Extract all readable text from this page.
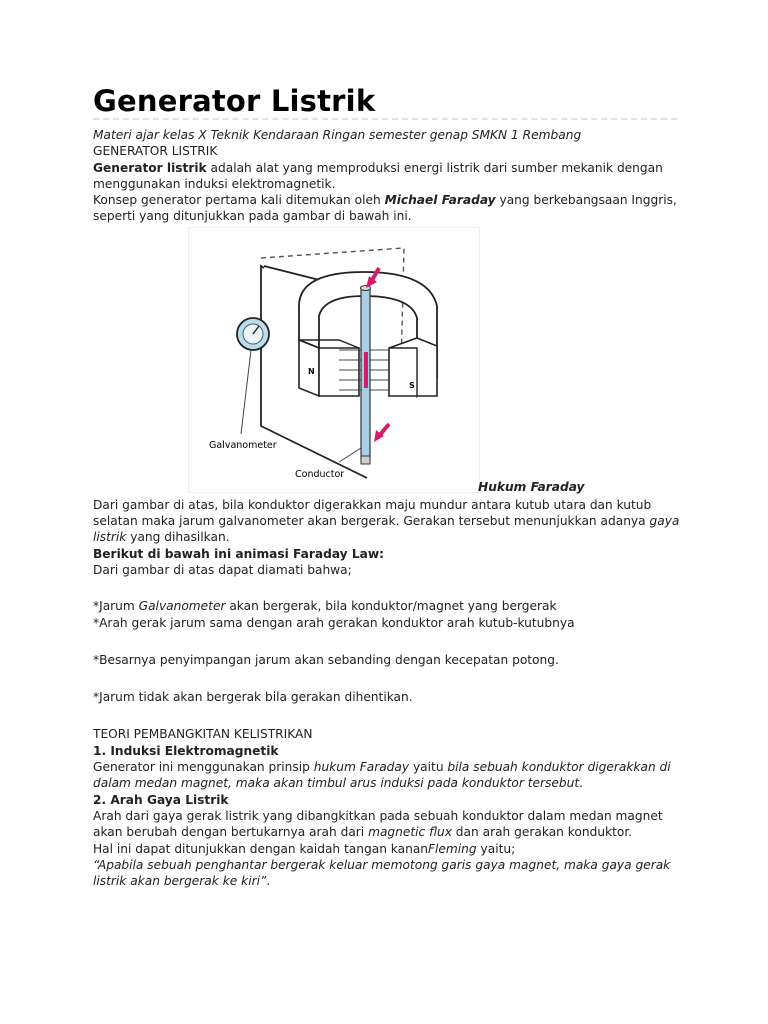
Generator Listrik

Materi ajar kelas X Teknik Kendaraan Ringan semester genap SMKN 1 Rembang

GENERATOR LISTRIK

Generator listrik adalah alat yang memproduksi energi listrik dari sumber mekanik dengan menggunakan induksi elektromagnetik.

Konsep generator pertama kali ditemukan oleh Michael Faraday yang berkebangsaan Inggris, seperti yang ditunjukkan pada gambar di bawah ini.

N
S
Galvanometer
Conductor
Hukum Faraday

Dari gambar di atas, bila konduktor digerakkan maju mundur antara kutub utara dan kutub selatan maka jarum galvanometer akan bergerak. Gerakan tersebut menunjukkan adanya gaya listrik yang dihasilkan.

Berikut di bawah ini animasi Faraday Law:

Dari gambar di atas dapat diamati bahwa;

*Jarum Galvanometer akan bergerak, bila konduktor/magnet yang bergerak

*Arah gerak jarum sama dengan arah gerakan konduktor arah kutub-kutubnya

*Besarnya penyimpangan jarum akan sebanding dengan kecepatan potong.

*Jarum tidak akan bergerak bila gerakan dihentikan.

TEORI PEMBANGKITAN KELISTRIKAN

1. Induksi Elektromagnetik

Generator ini menggunakan prinsip hukum Faraday yaitu bila sebuah konduktor digerakkan di dalam medan magnet, maka akan timbul arus induksi pada konduktor tersebut.

2. Arah Gaya Listrik

Arah dari gaya gerak listrik yang dibangkitkan pada sebuah konduktor dalam medan magnet akan berubah dengan bertukarnya arah dari magnetic flux dan arah gerakan konduktor.

Hal ini dapat ditunjukkan dengan kaidah tangan kananFleming yaitu;

“Apabila sebuah penghantar bergerak keluar memotong garis gaya magnet, maka gaya gerak listrik akan bergerak ke kiri”.
